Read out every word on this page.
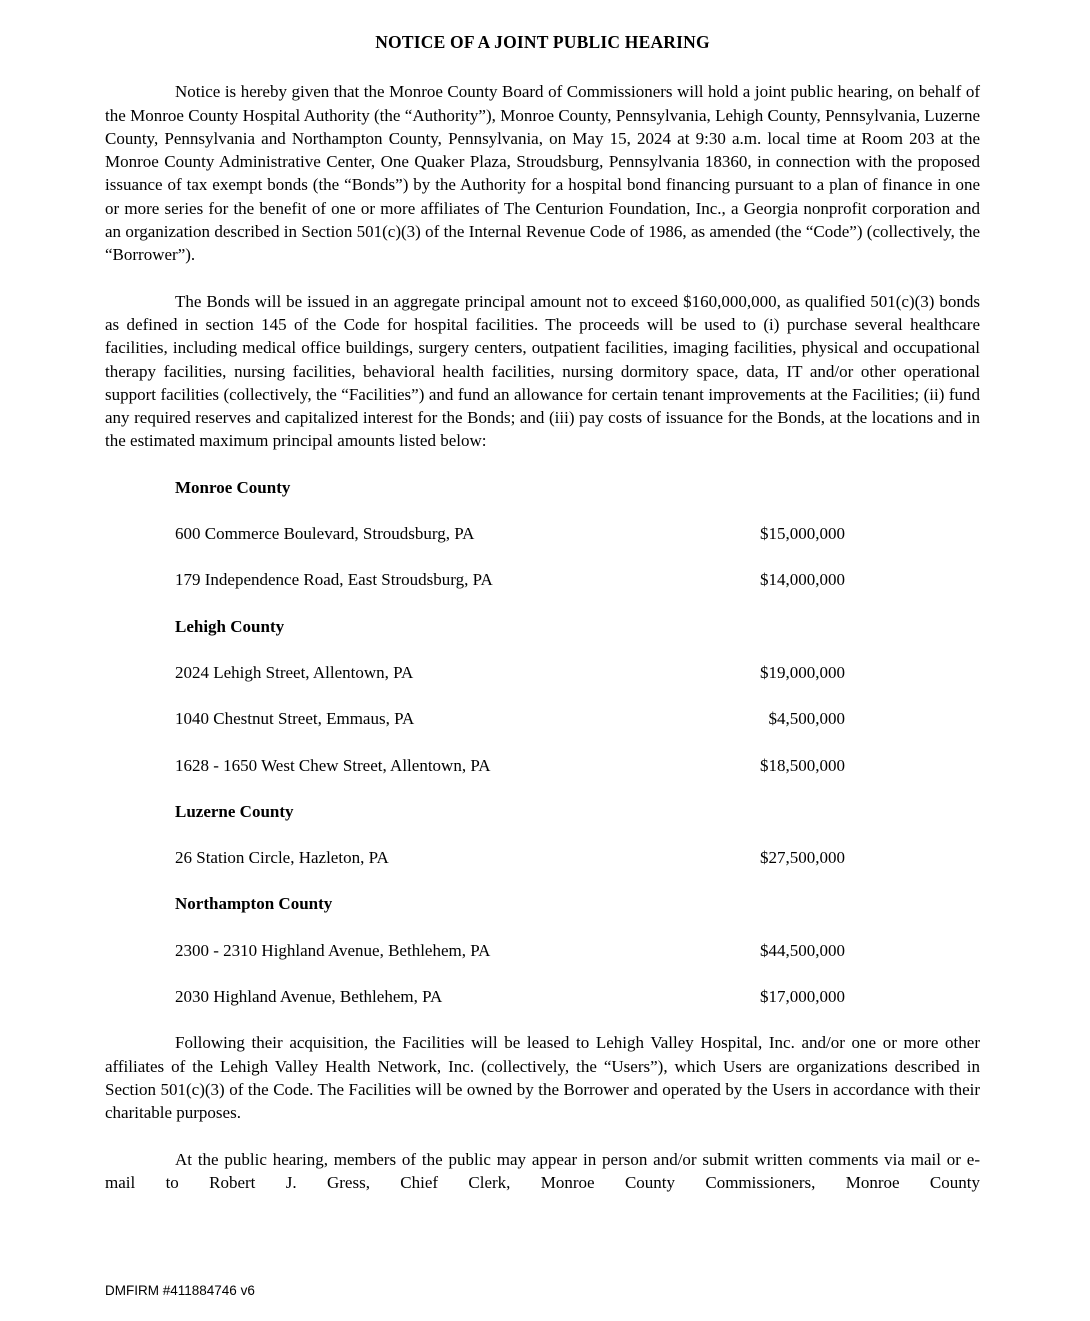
NOTICE OF A JOINT PUBLIC HEARING

Notice is hereby given that the Monroe County Board of Commissioners will hold a joint public hearing, on behalf of the Monroe County Hospital Authority (the “Authority”), Monroe County, Pennsylvania, Lehigh County, Pennsylvania, Luzerne County, Pennsylvania and Northampton County, Pennsylvania, on May 15, 2024 at 9:30 a.m. local time at Room 203 at the Monroe County Administrative Center, One Quaker Plaza, Stroudsburg, Pennsylvania 18360, in connection with the proposed issuance of tax exempt bonds (the “Bonds”) by the Authority for a hospital bond financing pursuant to a plan of finance in one or more series for the benefit of one or more affiliates of The Centurion Foundation, Inc., a Georgia nonprofit corporation and an organization described in Section 501(c)(3) of the Internal Revenue Code of 1986, as amended (the “Code”) (collectively, the “Borrower”).

The Bonds will be issued in an aggregate principal amount not to exceed $160,000,000, as qualified 501(c)(3) bonds as defined in section 145 of the Code for hospital facilities. The proceeds will be used to (i) purchase several healthcare facilities, including medical office buildings, surgery centers, outpatient facilities, imaging facilities, physical and occupational therapy facilities, nursing facilities, behavioral health facilities, nursing dormitory space, data, IT and/or other operational support facilities (collectively, the “Facilities”) and fund an allowance for certain tenant improvements at the Facilities; (ii) fund any required reserves and capitalized interest for the Bonds; and (iii) pay costs of issuance for the Bonds, at the locations and in the estimated maximum principal amounts listed below:

Monroe County
600 Commerce Boulevard, Stroudsburg, PA	$15,000,000
179 Independence Road, East Stroudsburg, PA	$14,000,000
Lehigh County
2024 Lehigh Street, Allentown, PA	$19,000,000
1040 Chestnut Street, Emmaus, PA	$4,500,000
1628 - 1650 West Chew Street, Allentown, PA	$18,500,000
Luzerne County
26 Station Circle, Hazleton, PA	$27,500,000
Northampton County
2300 - 2310 Highland Avenue, Bethlehem, PA	$44,500,000
2030 Highland Avenue, Bethlehem, PA	$17,000,000

Following their acquisition, the Facilities will be leased to Lehigh Valley Hospital, Inc. and/or one or more other affiliates of the Lehigh Valley Health Network, Inc. (collectively, the “Users”), which Users are organizations described in Section 501(c)(3) of the Code. The Facilities will be owned by the Borrower and operated by the Users in accordance with their charitable purposes.

At the public hearing, members of the public may appear in person and/or submit written comments via mail or e-mail to Robert J. Gress, Chief Clerk, Monroe County Commissioners, Monroe County

DMFIRM #411884746 v6
